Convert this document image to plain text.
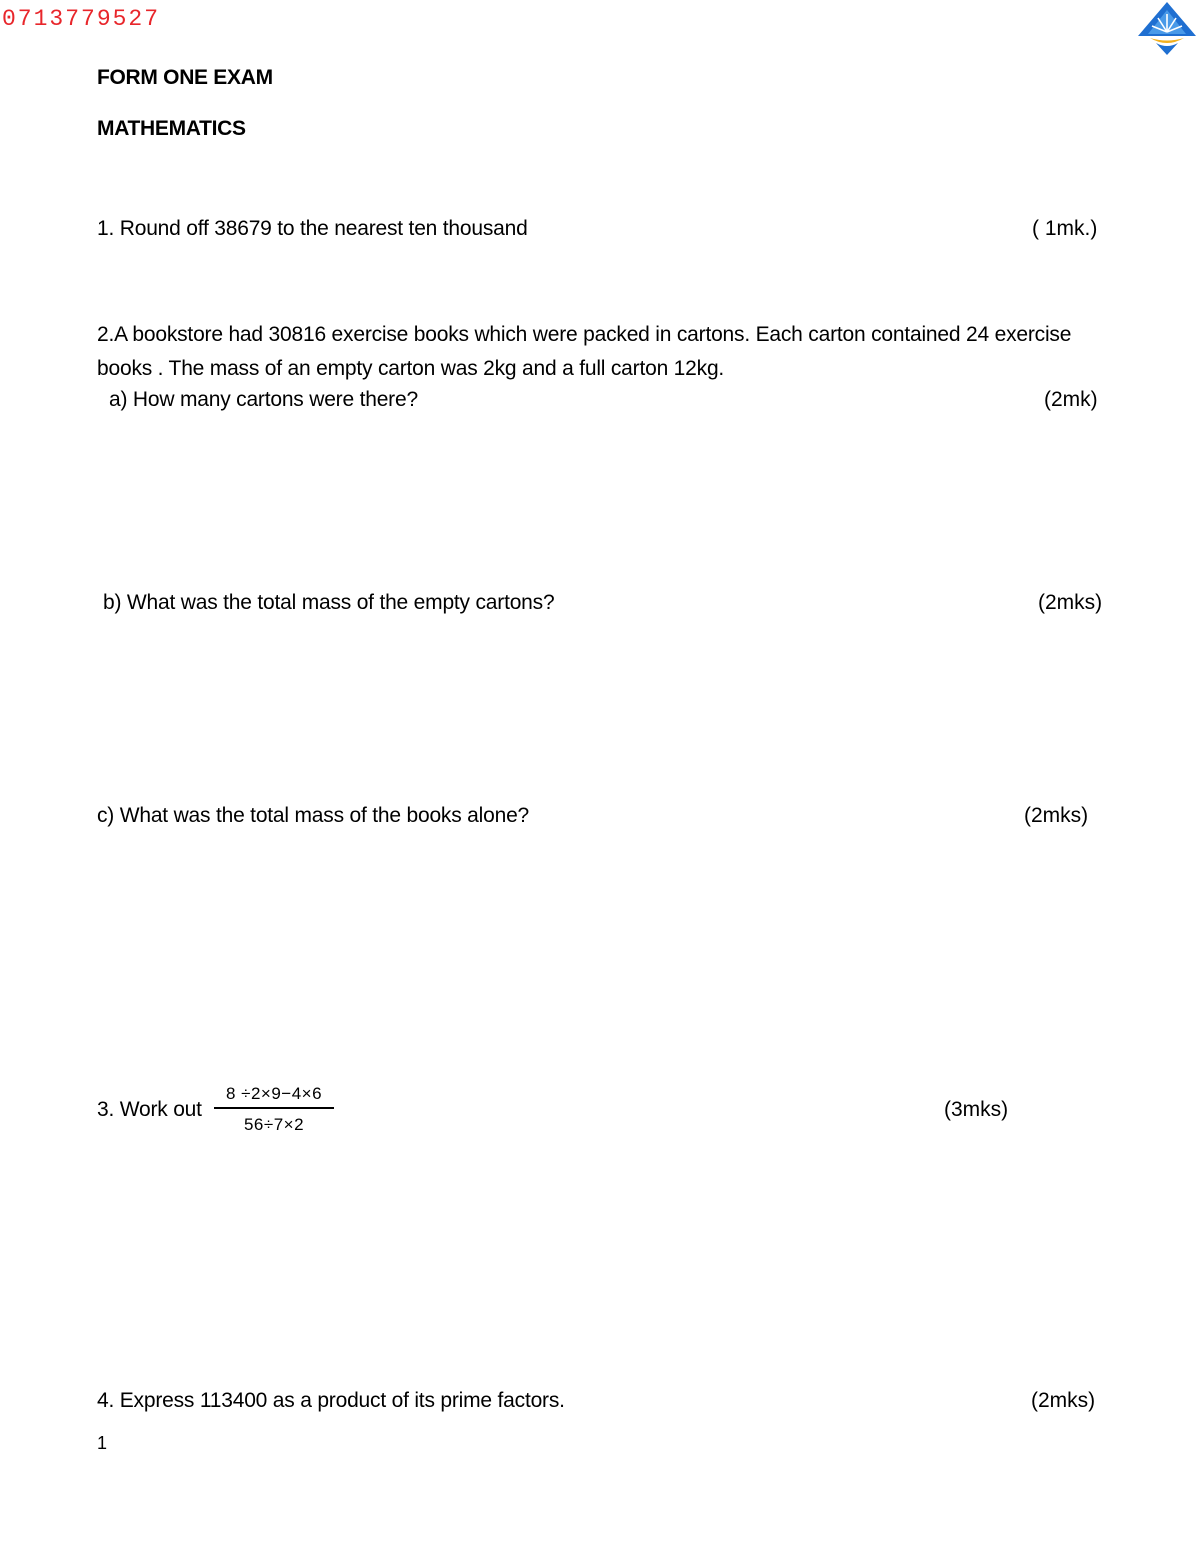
0713779527
FORM ONE EXAM
MATHEMATICS
1. Round off 38679 to the nearest ten thousand	( 1mk.)
2.A bookstore had 30816 exercise books which were packed in cartons. Each carton contained 24 exercise books . The mass of an empty carton was 2kg and a full carton 12kg.
a) How many cartons were there?	(2mk)
b) What was the total mass of the empty cartons?	(2mks)
c) What was the total mass of the books alone?	(2mks)
3. Work out
8 ÷2×9−4×6
56÷7×2
(3mks)
4. Express 113400 as a product of its prime factors.	(2mks)
1
